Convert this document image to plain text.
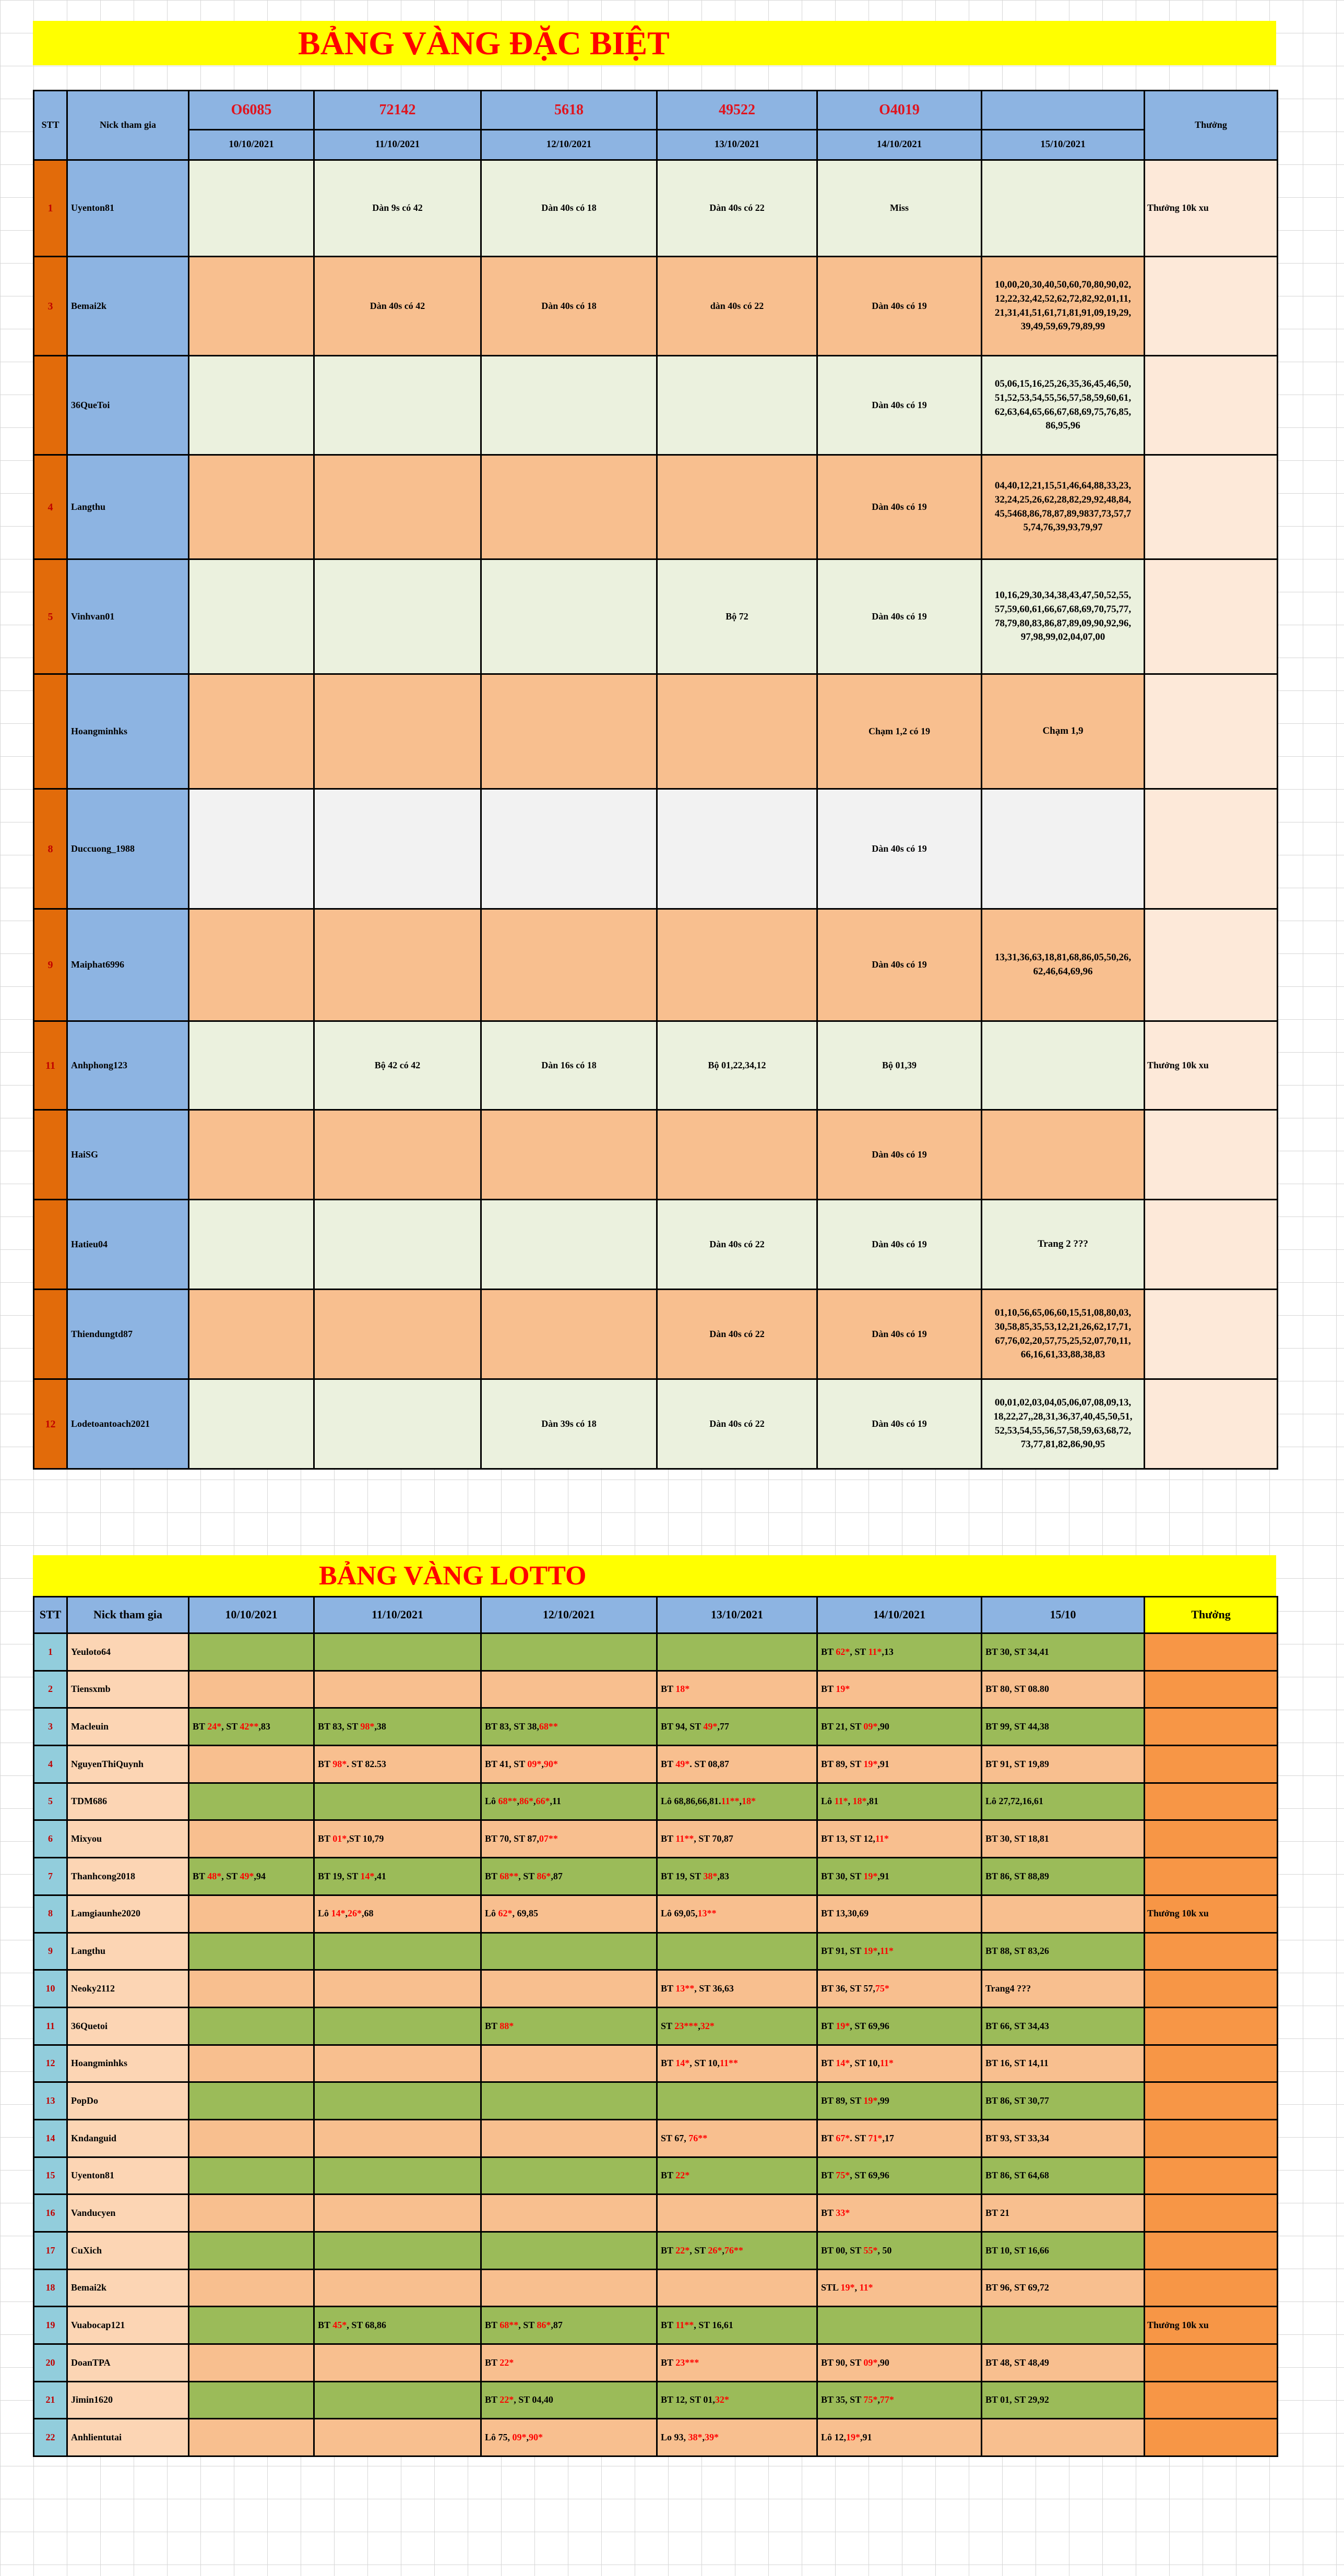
BẢNG VÀNG ĐẶC BIỆT
STT	Nick tham gia	O6085	72142	5618	49522	O4019		Thưởng
		10/10/2021	11/10/2021	12/10/2021	13/10/2021	14/10/2021	15/10/2021	
1	Uyenton81		Dàn 9s có 42	Dàn 40s có 18	Dàn 40s có 22	Miss		Thưởng 10k xu
3	Bemai2k		Dàn 40s có 42	Dàn 40s có 18	dàn 40s có 22	Dàn 40s có 19	10,00,20,30,40,50,60,70,80,90,02, 12,22,32,42,52,62,72,82,92,01,11, 21,31,41,51,61,71,81,91,09,19,29, 39,49,59,69,79,89,99	
	36QueToi					Dàn 40s có 19	05,06,15,16,25,26,35,36,45,46,50, 51,52,53,54,55,56,57,58,59,60,61, 62,63,64,65,66,67,68,69,75,76,85, 86,95,96	
4	Langthu					Dàn 40s có 19	04,40,12,21,15,51,46,64,88,33,23, 32,24,25,26,62,28,82,29,92,48,84, 45,5468,86,78,87,89,9837,73,57,7 5,74,76,39,93,79,97	
5	Vinhvan01				Bộ 72	Dàn 40s có 19	10,16,29,30,34,38,43,47,50,52,55, 57,59,60,61,66,67,68,69,70,75,77, 78,79,80,83,86,87,89,09,90,92,96, 97,98,99,02,04,07,00	
	Hoangminhks					Chạm 1,2 có 19	Chạm 1,9	
8	Duccuong_1988					Dàn 40s có 19		
9	Maiphat6996					Dàn 40s có 19	13,31,36,63,18,81,68,86,05,50,26, 62,46,64,69,96	
11	Anhphong123		Bộ 42 có 42	Dàn 16s có 18	Bộ 01,22,34,12	Bộ 01,39		Thưởng 10k xu
	HaiSG					Dàn 40s có 19		
	Hatieu04				Dàn 40s có 22	Dàn 40s có 19	Trang 2 ???	
	Thiendungtd87				Dàn 40s có 22	Dàn 40s có 19	01,10,56,65,06,60,15,51,08,80,03, 30,58,85,35,53,12,21,26,62,17,71, 67,76,02,20,57,75,25,52,07,70,11, 66,16,61,33,88,38,83	
12	Lodetoantoach2021			Dàn 39s có 18	Dàn 40s có 22	Dàn 40s có 19	00,01,02,03,04,05,06,07,08,09,13, 18,22,27,,28,31,36,37,40,45,50,51, 52,53,54,55,56,57,58,59,63,68,72, 73,77,81,82,86,90,95	
BẢNG VÀNG LOTTO
STT	Nick tham gia	10/10/2021	11/10/2021	12/10/2021	13/10/2021	14/10/2021	15/10	Thưởng
1	Yeuloto64					BT 62*, ST 11*,13	BT 30, ST 34,41	
2	Tiensxmb				BT 18*	BT 19*	BT 80, ST 08.80	
3	Macleuin	BT 24*, ST 42**,83	BT 83, ST 98*,38	BT 83, ST 38,68**	BT 94, ST 49*,77	BT 21, ST 09*,90	BT 99, ST 44,38	
4	NguyenThiQuynh		BT 98*. ST 82.53	BT 41, ST 09*,90*	BT 49*. ST 08,87	BT 89, ST 19*,91	BT 91, ST 19,89	
5	TDM686			Lô 68**,86*,66*,11	Lô 68,86,66,81.11**,18*	Lô 11*, 18*,81	Lô 27,72,16,61	
6	Mixyou		BT 01*,ST 10,79	BT 70, ST 87,07**	BT 11**, ST 70,87	BT 13, ST 12,11*	BT 30, ST 18,81	
7	Thanhcong2018	BT 48*, ST 49*,94	BT 19, ST 14*,41	BT 68**, ST 86*,87	BT 19, ST 38*,83	BT 30, ST 19*,91	BT 86, ST 88,89	
8	Lamgiaunhe2020		Lô 14*,26*,68	Lô 62*, 69,85	Lô 69,05,13**	BT 13,30,69		Thưởng 10k xu
9	Langthu					BT 91, ST 19*,11*	BT 88, ST 83,26	
10	Neoky2112				BT 13**, ST 36,63	BT 36, ST 57,75*	Trang4 ???	
11	36Quetoi			BT 88*	ST 23***,32*	BT 19*, ST 69,96	BT 66, ST 34,43	
12	Hoangminhks				BT 14*, ST 10,11**	BT 14*, ST 10,11*	BT 16, ST 14,11	
13	PopDo					BT 89, ST 19*,99	BT 86, ST 30,77	
14	Kndanguid				ST 67, 76**	BT 67*. ST 71*,17	BT 93, ST 33,34	
15	Uyenton81				BT 22*	BT 75*, ST 69,96	BT 86, ST 64,68	
16	Vanducyen					BT 33*	BT 21	
17	CuXich				BT 22*, ST 26*,76**	BT 00, ST 55*, 50	BT 10, ST 16,66	
18	Bemai2k					STL 19*, 11*	BT 96, ST 69,72	
19	Vuabocap121		BT 45*, ST 68,86	BT 68**, ST 86*,87	BT 11**, ST 16,61			Thưởng 10k xu
20	DoanTPA			BT 22*	BT 23***	BT 90, ST 09*,90	BT 48, ST 48,49	
21	Jimin1620			BT 22*, ST 04,40	BT 12, ST 01,32*	BT 35, ST 75*,77*	BT 01, ST 29,92	
22	Anhlientutai			Lô 75, 09*,90*	Lo 93, 38*,39*	Lô 12,19*,91		
